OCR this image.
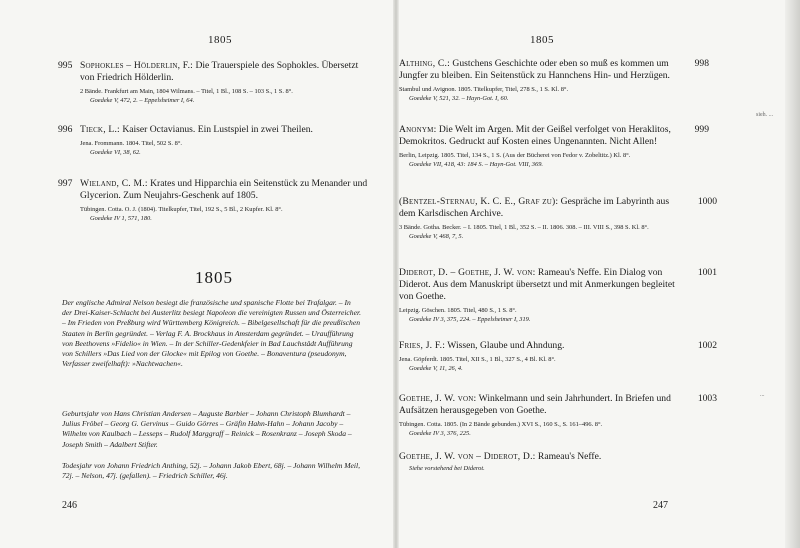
1805
995 Sophokles – Hölderlin, F.: Die Trauerspiele des Sophokles. Übersetzt von Friedrich Hölderlin.

2 Bände. Frankfurt am Main, 1804 Wilmans. – Titel, 1 Bl., 108 S. – 103 S., 1 S. 8°.

Goedeke V, 472, 2. – Eppelsheimer I, 64.

996 Tieck, L.: Kaiser Octavianus. Ein Lustspiel in zwei Theilen.

Jena. Frommann. 1804. Titel, 502 S. 8°.

Goedeke VI, 38, 62.

997 Wieland, C. M.: Krates und Hipparchia ein Seitenstück zu Menander und Glycerion. Zum Neujahrs-Geschenk auf 1805.

Tübingen. Cotta. O. J. (1804). Titelkupfer, Titel, 192 S., 5 Bl., 2 Kupfer. Kl. 8°.

Goedeke IV 1, 571, 180.

1805

Der englische Admiral Nelson besiegt die französische und spanische Flotte bei Trafalgar. – In der Drei-Kaiser-Schlacht bei Austerlitz besiegt Napoleon die vereinigten Russen und Österreicher. – Im Frieden von Preßburg wird Württemberg Königreich. – Bibelgesellschaft für die preußischen Staaten in Berlin gegründet. – Verlag F. A. Brockhaus in Amsterdam gegründet. – Uraufführung von Beethovens »Fidelio« in Wien. – In der Schiller-Gedenkfeier in Bad Lauchstädt Aufführung von Schillers »Das Lied von der Glocke« mit Epilog von Goethe. – Bonaventura (pseudonym, Verfasser zweifelhaft): »Nachtwachen«.

Geburtsjahr von Hans Christian Andersen – Auguste Barbier – Johann Christoph Blumhardt – Julius Fröbel – Georg G. Gervinus – Guido Görres – Gräfin Hahn-Hahn – Johann Jacoby – Wilhelm von Kaulbach – Lesseps – Rudolf Marggraff – Reinick – Rosenkranz – Joseph Skoda – Joseph Smith – Adalbert Stifter.

Todesjahr von Johann Friedrich Anthing, 52j. – Johann Jakob Ebert, 68j. – Johann Wilhelm Meil, 72j. – Nelson, 47j. (gefallen). – Friedrich Schiller, 46j.

246
1805
998

Althing, C.: Gustchens Geschichte oder eben so muß es kommen um Jungfer zu bleiben. Ein Seitenstück zu Hannchens Hin- und Herzügen.

Stambul und Avignon. 1805. Titelkupfer, Titel, 278 S., 1 S. Kl. 8°.

Goedeke V, 521, 32. – Hayn-Got. I, 60.

999

Anonym: Die Welt im Argen. Mit der Geißel verfolget von Heraklitos, Demokritos. Gedruckt auf Kosten eines Ungenannten. Nicht Allen!

Berlin, Leipzig. 1805. Titel, 134 S., 1 S. (Aus der Bücherei von Fedor v. Zobeltitz.) Kl. 8°.

Goedeke VII, 418, 43: 184 S. – Hayn-Got. VIII, 369.

1000

(Bentzel-Sternau, K. C. E., Graf zu): Gespräche im Labyrinth aus dem Karlsdischen Archive.

3 Bände. Gotha. Becker. – I. 1805. Titel, 1 Bl., 352 S. – II. 1806. 308. – III. VIII S., 398 S. Kl. 8°.

Goedeke V, 468, 7, 5.

1001

Diderot, D. – Goethe, J. W. von: Rameau's Neffe. Ein Dialog von Diderot. Aus dem Manuskript übersetzt und mit Anmerkungen begleitet von Goethe.

Leipzig. Göschen. 1805. Titel, 480 S., 1 S. 8°.

Goedeke IV 3, 375, 224. – Eppelsheimer I, 319.

1002

Fries, J. F.: Wissen, Glaube und Ahndung.

Jena. Göpferdt. 1805. Titel, XII S., 1 Bl., 327 S., 4 Bl. Kl. 8°.

Goedeke V, 11, 26, 4.

1003

Goethe, J. W. von: Winkelmann und sein Jahrhundert. In Briefen und Aufsätzen herausgegeben von Goethe.

Tübingen. Cotta. 1805. (In 2 Bände gebunden.) XVI S., 160 S., S. 161–496. 8°.

Goedeke IV 3, 376, 225.

Goethe, J. W. von – Diderot, D.: Rameau's Neffe.

Siehe vorstehend bei Diderot.

247
sieh. ...
...
